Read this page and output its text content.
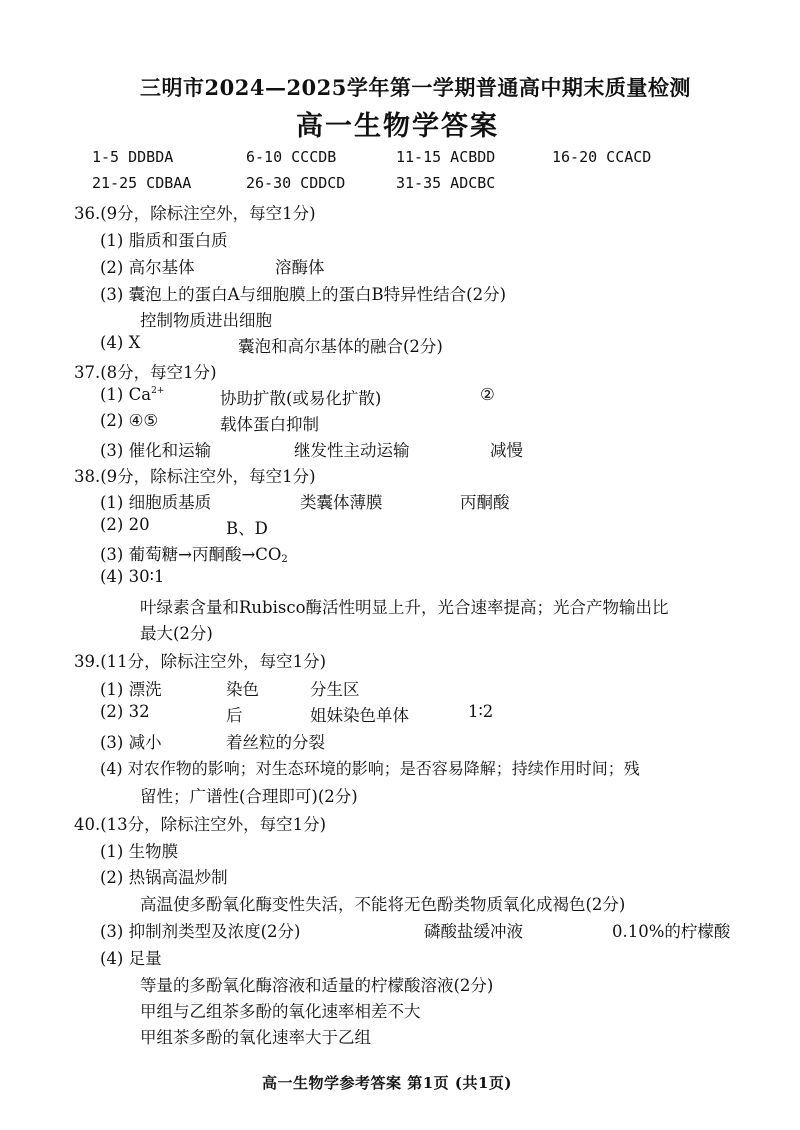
三明市2024—2025学年第一学期普通高中期末质量检测
高一生物学答案
1-5 DDBDA	6-10 CCCDB	11-15 ACBDD	16-20 CCACD
21-25 CDBAA	26-30 CDDCD	31-35 ADCBC
36.(9分，除标注空外，每空1分)
(1) 脂质和蛋白质
(2) 高尔基体	溶酶体
(3) 囊泡上的蛋白A与细胞膜上的蛋白B特异性结合(2分)
控制物质进出细胞
(4) X	囊泡和高尔基体的融合(2分)
37.(8分，每空1分)
(1) $Ca^{2+}$	协助扩散(或易化扩散)	②
(2) ④⑤	载体蛋白抑制
(3) 催化和运输	继发性主动运输	减慢
38.(9分，除标注空外，每空1分)
(1) 细胞质基质	类囊体薄膜	丙酮酸
(2) 20	B、D
(3) 葡萄糖→丙酮酸$\to CO_2$
(4) 30∶1
叶绿素含量和Rubisco酶活性明显上升，光合速率提高；光合产物输出比
最大(2分)
39.(11分，除标注空外，每空1分)
(1) 漂洗	染色	分生区
(2) 32	后	姐妹染色单体	1∶2
(3) 减小	着丝粒的分裂
(4) 对农作物的影响；对生态环境的影响；是否容易降解；持续作用时间；残
留性；广谱性(合理即可)(2分)
40.(13分，除标注空外，每空1分)
(1) 生物膜
(2) 热锅高温炒制
高温使多酚氧化酶变性失活，不能将无色酚类物质氧化成褐色(2分)
(3) 抑制剂类型及浓度(2分)	磷酸盐缓冲液	0.10%的柠檬酸
(4) 足量
等量的多酚氧化酶溶液和适量的柠檬酸溶液(2分)
甲组与乙组茶多酚的氧化速率相差不大
甲组茶多酚的氧化速率大于乙组
高一生物学参考答案 第1页 (共1页)
